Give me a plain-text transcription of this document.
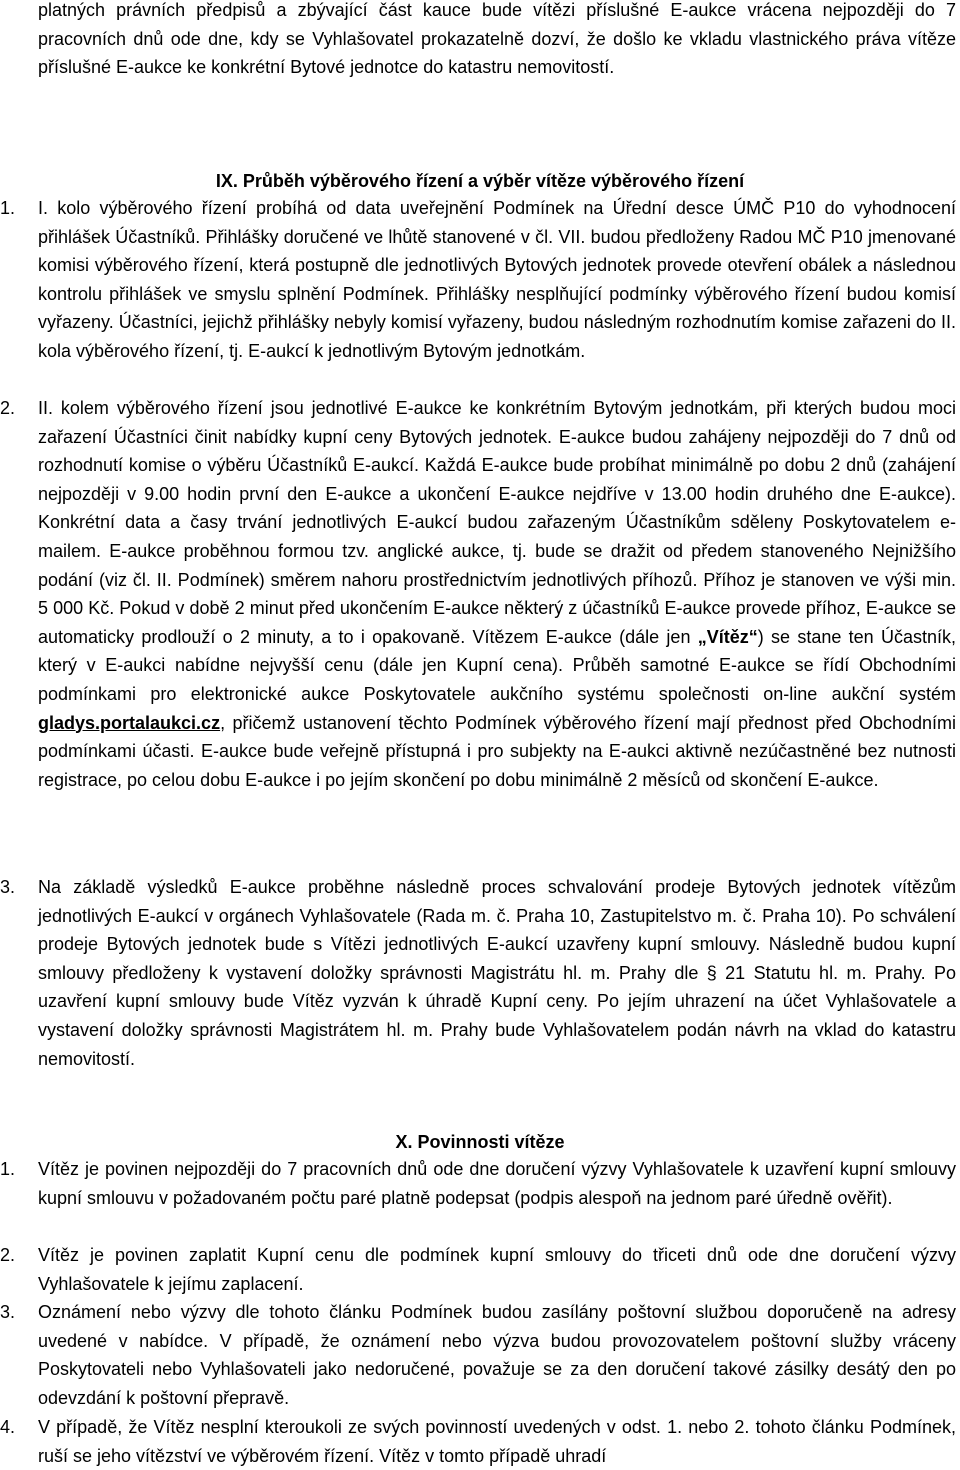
platných právních předpisů a zbývající část kauce bude vítězi příslušné E-aukce vrácena nejpozději do 7 pracovních dnů ode dne, kdy se Vyhlašovatel prokazatelně dozví, že došlo ke vkladu vlastnického práva vítěze příslušné E-aukce ke konkrétní Bytové jednotce do katastru nemovitostí.
IX. Průběh výběrového řízení a výběr vítěze výběrového řízení
1.	I. kolo výběrového řízení probíhá od data uveřejnění Podmínek na Úřední desce ÚMČ P10 do vyhodnocení přihlášek Účastníků. Přihlášky doručené ve lhůtě stanovené v čl. VII. budou předloženy Radou MČ P10 jmenované komisi výběrového řízení, která postupně dle jednotlivých Bytových jednotek provede otevření obálek a následnou kontrolu přihlášek ve smyslu splnění Podmínek. Přihlášky nesplňující podmínky výběrového řízení budou komisí vyřazeny. Účastníci, jejichž přihlášky nebyly komisí vyřazeny, budou následným rozhodnutím komise zařazeni do II. kola výběrového řízení, tj. E-aukcí k jednotlivým Bytovým jednotkám.
2.	II. kolem výběrového řízení jsou jednotlivé E-aukce ke konkrétním Bytovým jednotkám, při kterých budou moci zařazení Účastníci činit nabídky kupní ceny Bytových jednotek. E-aukce budou zahájeny nejpozději do 7 dnů od rozhodnutí komise o výběru Účastníků E-aukcí. Každá E-aukce bude probíhat minimálně po dobu 2 dnů (zahájení nejpozději v 9.00 hodin první den E-aukce a ukončení E-aukce nejdříve v 13.00 hodin druhého dne E-aukce). Konkrétní data a časy trvání jednotlivých E-aukcí budou zařazeným Účastníkům sděleny Poskytovatelem e-mailem. E-aukce proběhnou formou tzv. anglické aukce, tj. bude se dražit od předem stanoveného Nejnižšího podání (viz čl. II. Podmínek) směrem nahoru prostřednictvím jednotlivých příhozů. Příhoz je stanoven ve výši min. 5 000 Kč. Pokud v době 2 minut před ukončením E-aukce některý z účastníků E-aukce provede příhoz, E-aukce se automaticky prodlouží o 2 minuty, a to i opakovaně. Vítězem E-aukce (dále jen „Vítěz“) se stane ten Účastník, který v E-aukci nabídne nejvyšší cenu (dále jen Kupní cena). Průběh samotné E-aukce se řídí Obchodními podmínkami pro elektronické aukce Poskytovatele aukčního systému společnosti on-line aukční systém gladys.portalaukci.cz, přičemž ustanovení těchto Podmínek výběrového řízení mají přednost před Obchodními podmínkami účasti. E-aukce bude veřejně přístupná i pro subjekty na E-aukci aktivně nezúčastněné bez nutnosti registrace, po celou dobu E-aukce i po jejím skončení po dobu minimálně 2 měsíců od skončení E-aukce.
3.	Na základě výsledků E-aukce proběhne následně proces schvalování prodeje Bytových jednotek vítězům jednotlivých E-aukcí v orgánech Vyhlašovatele (Rada m. č. Praha 10, Zastupitelstvo m. č. Praha 10). Po schválení prodeje Bytových jednotek bude s Vítězi jednotlivých E-aukcí uzavřeny kupní smlouvy. Následně budou kupní smlouvy předloženy k vystavení doložky správnosti Magistrátu hl. m. Prahy dle § 21 Statutu hl. m. Prahy. Po uzavření kupní smlouvy bude Vítěz vyzván k úhradě Kupní ceny. Po jejím uhrazení na účet Vyhlašovatele a vystavení doložky správnosti Magistrátem hl. m. Prahy bude Vyhlašovatelem podán návrh na vklad do katastru nemovitostí.
X. Povinnosti vítěze
1.	Vítěz je povinen nejpozději do 7 pracovních dnů ode dne doručení výzvy Vyhlašovatele k uzavření kupní smlouvy kupní smlouvu v požadovaném počtu paré platně podepsat (podpis alespoň na jednom paré úředně ověřit).
2.	Vítěz je povinen zaplatit Kupní cenu dle podmínek kupní smlouvy do třiceti dnů ode dne doručení výzvy Vyhlašovatele k jejímu zaplacení.
3.	Oznámení nebo výzvy dle tohoto článku Podmínek budou zasílány poštovní službou doporučeně na adresy uvedené v nabídce. V případě, že oznámení nebo výzva budou provozovatelem poštovní služby vráceny Poskytovateli nebo Vyhlašovateli jako nedoručené, považuje se za den doručení takové zásilky desátý den po odevzdání k poštovní přepravě.
4.	V případě, že Vítěz nesplní kteroukoli ze svých povinností uvedených v odst. 1. nebo 2. tohoto článku Podmínek, ruší se jeho vítězství ve výběrovém řízení. Vítěz v tomto případě uhradí
